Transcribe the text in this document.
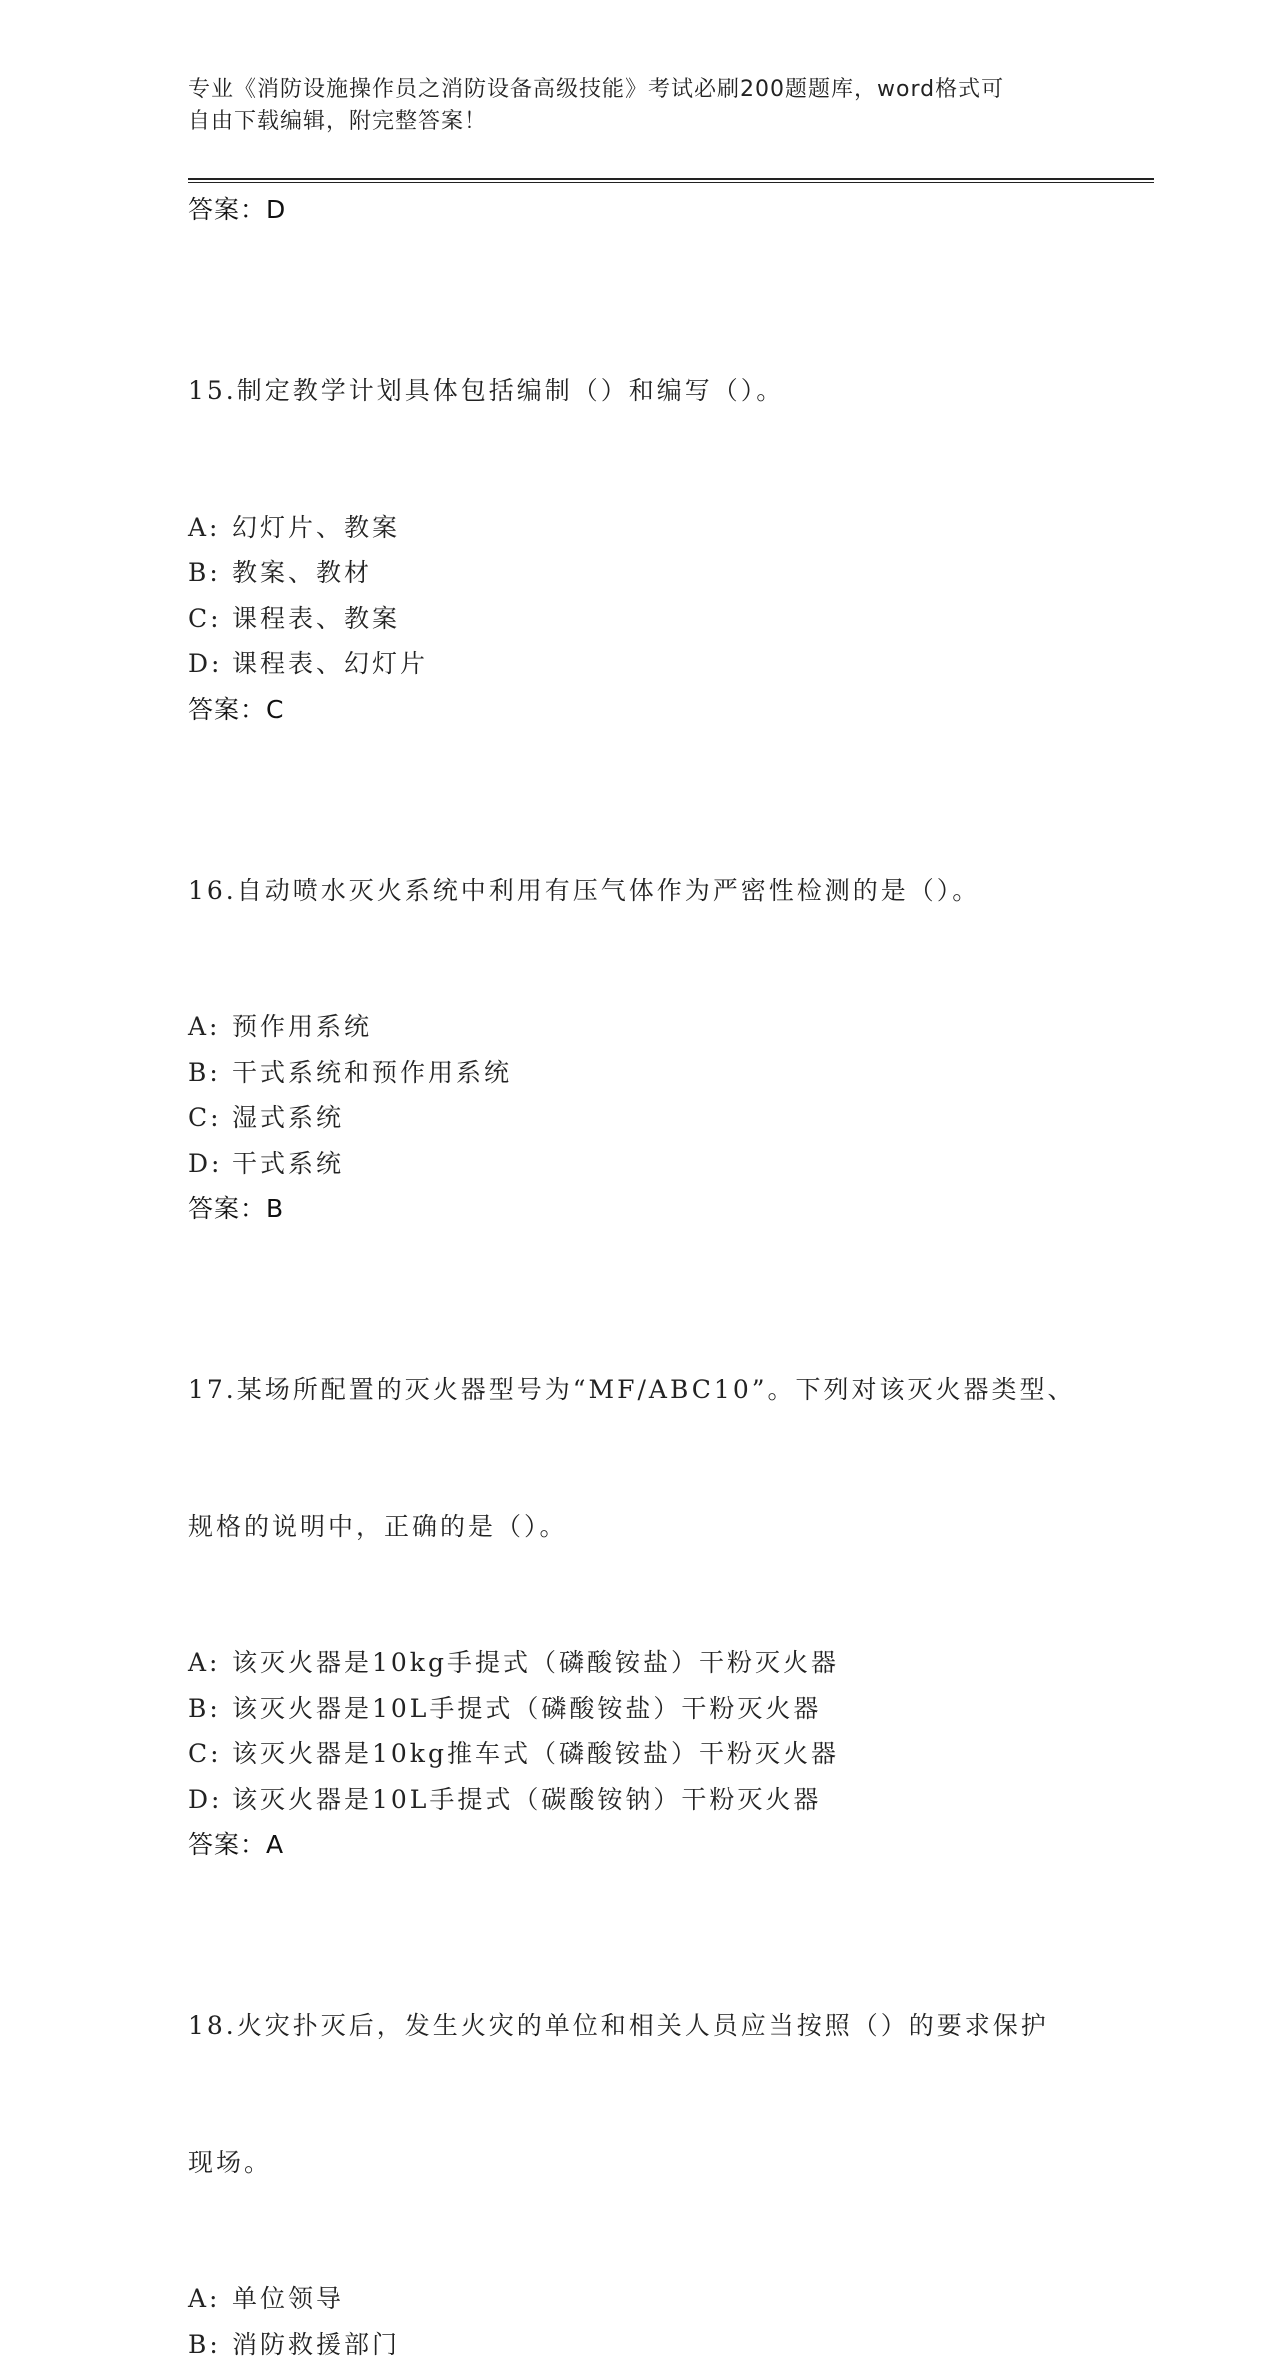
专业《消防设施操作员之消防设备高级技能》考试必刷200题题库，word格式可
自由下载编辑，附完整答案！
答案：D

15.制定教学计划具体包括编制（）和编写（）。

A: 幻灯片、教案
B: 教案、教材
C: 课程表、教案
D: 课程表、幻灯片
答案：C

16.自动喷水灭火系统中利用有压气体作为严密性检测的是（）。

A: 预作用系统
B: 干式系统和预作用系统
C: 湿式系统
D: 干式系统
答案：B

17.某场所配置的灭火器型号为“MF/ABC10”。下列对该灭火器类型、

规格的说明中，正确的是（）。

A: 该灭火器是10kg手提式（磷酸铵盐）干粉灭火器
B: 该灭火器是10L手提式（磷酸铵盐）干粉灭火器
C: 该灭火器是10kg推车式（磷酸铵盐）干粉灭火器
D: 该灭火器是10L手提式（碳酸铵钠）干粉灭火器
答案：A

18.火灾扑灭后，发生火灾的单位和相关人员应当按照（）的要求保护

现场。

A: 单位领导
B: 消防救援部门
